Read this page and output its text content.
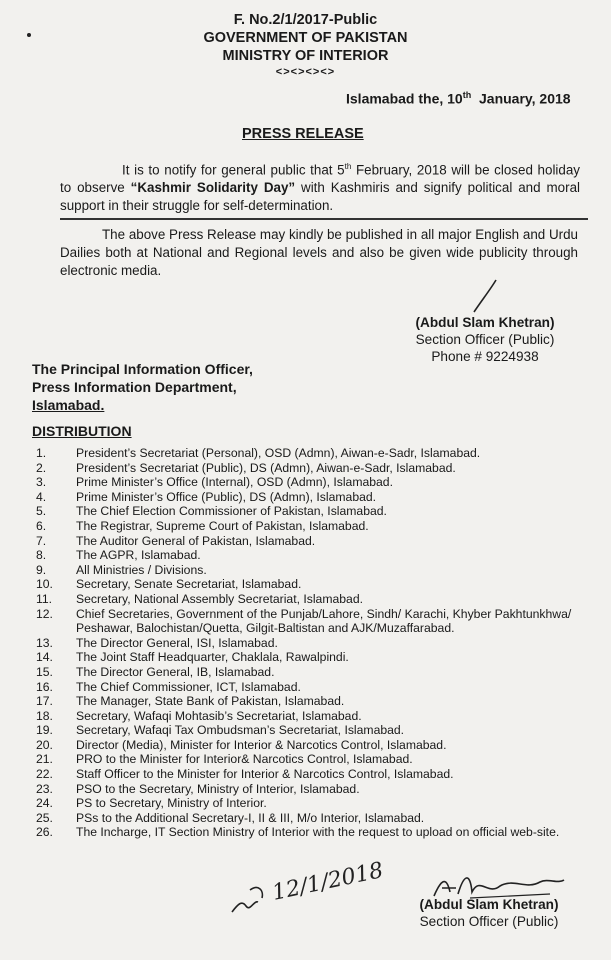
F. No.2/1/2017-Public
GOVERNMENT OF PAKISTAN
MINISTRY OF INTERIOR
<><><><>
Islamabad the, 10th  January, 2018
PRESS RELEASE
It is to notify for general public that 5th February, 2018 will be closed holiday to observe “Kashmir Solidarity Day” with Kashmiris and signify political and moral support in their struggle for self-determination.
The above Press Release may kindly be published in all major English and Urdu Dailies both at National and Regional levels and also be given wide publicity through electronic media.
(Abdul Slam Khetran)
Section Officer (Public)
Phone # 9224938
The Principal Information Officer,
Press Information Department,
Islamabad.
DISTRIBUTION
1.	President’s Secretariat (Personal), OSD (Admn), Aiwan-e-Sadr, Islamabad.
2.	President’s Secretariat (Public), DS (Admn), Aiwan-e-Sadr, Islamabad.
3.	Prime Minister’s Office (Internal), OSD (Admn), Islamabad.
4.	Prime Minister’s Office (Public), DS (Admn), Islamabad.
5.	The Chief Election Commissioner of Pakistan, Islamabad.
6.	The Registrar, Supreme Court of Pakistan, Islamabad.
7.	The Auditor General of Pakistan, Islamabad.
8.	The AGPR, Islamabad.
9.	All Ministries / Divisions.
10.	Secretary, Senate Secretariat, Islamabad.
11.	Secretary, National Assembly Secretariat, Islamabad.
12.	Chief Secretaries, Government of the Punjab/Lahore, Sindh/ Karachi, Khyber Pakhtunkhwa/ Peshawar, Balochistan/Quetta, Gilgit-Baltistan and AJK/Muzaffarabad.
13.	The Director General, ISI, Islamabad.
14.	The Joint Staff Headquarter, Chaklala, Rawalpindi.
15.	The Director General, IB, Islamabad.
16.	The Chief Commissioner, ICT, Islamabad.
17.	The Manager, State Bank of Pakistan, Islamabad.
18.	Secretary, Wafaqi Mohtasib’s Secretariat, Islamabad.
19.	Secretary, Wafaqi Tax Ombudsman’s Secretariat, Islamabad.
20.	Director (Media), Minister for Interior & Narcotics Control, Islamabad.
21.	PRO to the Minister for Interior& Narcotics Control, Islamabad.
22.	Staff Officer to the Minister for Interior & Narcotics Control, Islamabad.
23.	PSO to the Secretary, Ministry of Interior, Islamabad.
24.	PS to Secretary, Ministry of Interior.
25.	PSs to the Additional Secretary-I, II & III, M/o Interior, Islamabad.
26.	The Incharge, IT Section Ministry of Interior with the request to upload on official web-site.
12/1/2018	(Abdul Slam Khetran)
Section Officer (Public)
